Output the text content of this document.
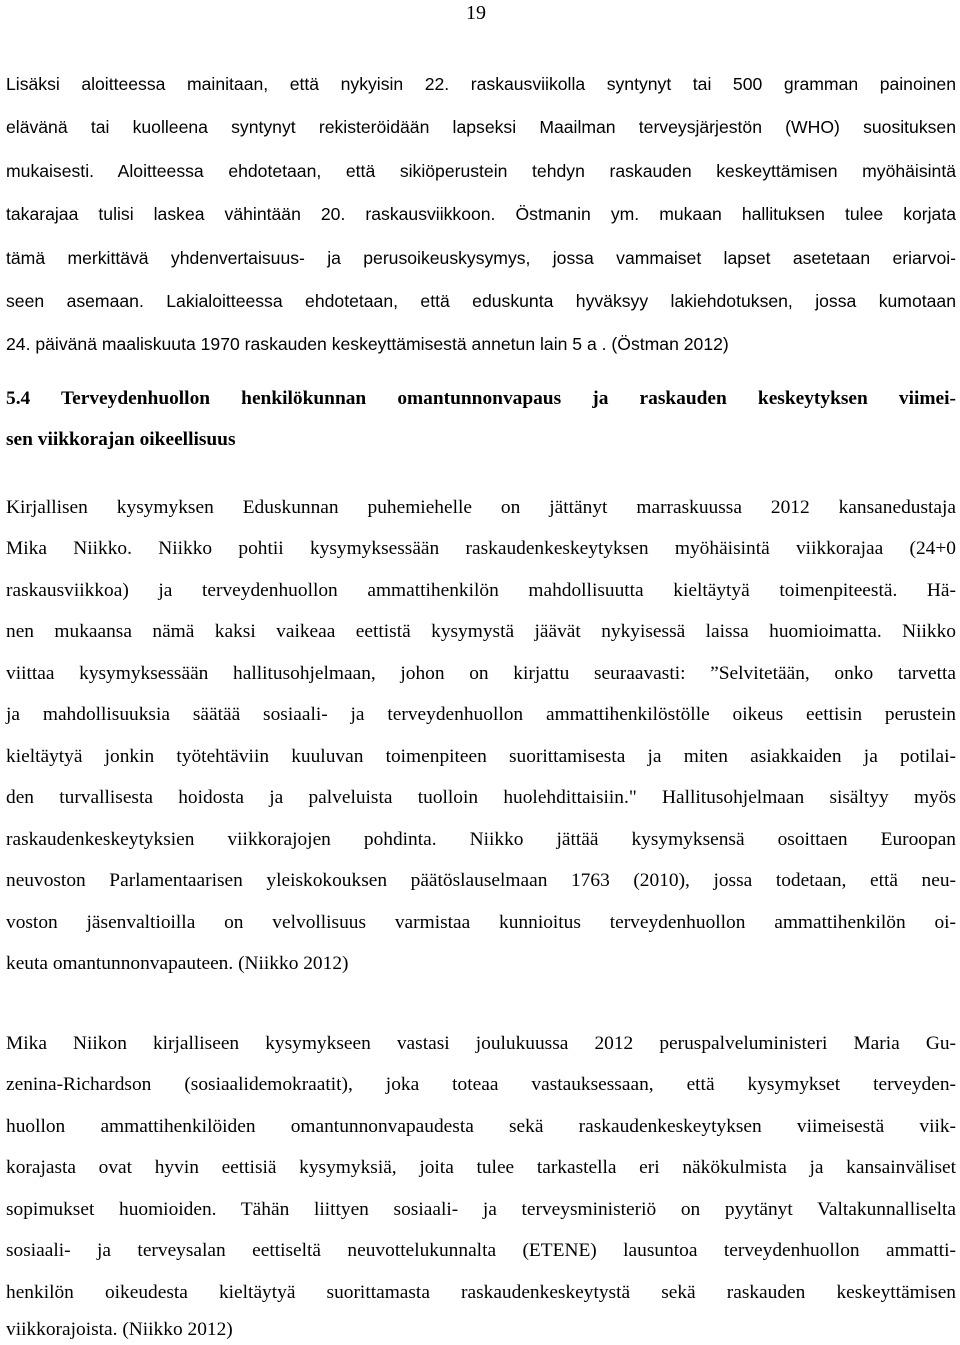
19

Lisäksi aloitteessa mainitaan, että nykyisin 22. raskausviikolla syntynyt tai 500 gramman painoinen

elävänä tai kuolleena syntynyt rekisteröidään lapseksi Maailman terveysjärjestön (WHO) suosituksen

mukaisesti. Aloitteessa ehdotetaan, että sikiöperustein tehdyn raskauden keskeyttämisen myöhäisintä

takarajaa tulisi laskea vähintään 20. raskausviikkoon. Östmanin ym. mukaan hallituksen tulee korjata

tämä merkittävä yhdenvertaisuus- ja perusoikeuskysymys, jossa vammaiset lapset asetetaan eriarvoi-

seen asemaan. Lakialoitteessa ehdotetaan, että eduskunta hyväksyy lakiehdotuksen, jossa kumotaan

24. päivänä maaliskuuta 1970 raskauden keskeyttämisestä annetun lain 5 a . (Östman 2012)

5.4 Terveydenhuollon henkilökunnan omantunnonvapaus ja raskauden keskeytyksen viimei-

sen viikkorajan oikeellisuus

Kirjallisen kysymyksen Eduskunnan puhemiehelle on jättänyt marraskuussa 2012 kansanedustaja

Mika Niikko. Niikko pohtii kysymyksessään raskaudenkeskeytyksen myöhäisintä viikkorajaa (24+0

raskausviikkoa) ja terveydenhuollon ammattihenkilön mahdollisuutta kieltäytyä toimenpiteestä. Hä-

nen mukaansa nämä kaksi vaikeaa eettistä kysymystä jäävät nykyisessä laissa huomioimatta. Niikko

viittaa kysymyksessään hallitusohjelmaan, johon on kirjattu seuraavasti: ”Selvitetään, onko tarvetta

ja mahdollisuuksia säätää sosiaali- ja terveydenhuollon ammattihenkilöstölle oikeus eettisin perustein

kieltäytyä jonkin työtehtäviin kuuluvan toimenpiteen suorittamisesta ja miten asiakkaiden ja potilai-

den turvallisesta hoidosta ja palveluista tuolloin huolehdittaisiin." Hallitusohjelmaan sisältyy myös

raskaudenkeskeytyksien viikkorajojen pohdinta. Niikko jättää kysymyksensä osoittaen Euroopan

neuvoston Parlamentaarisen yleiskokouksen päätöslauselmaan 1763 (2010), jossa todetaan, että neu-

voston jäsenvaltioilla on velvollisuus varmistaa kunnioitus terveydenhuollon ammattihenkilön oi-

keuta omantunnonvapauteen. (Niikko 2012)

Mika Niikon kirjalliseen kysymykseen vastasi joulukuussa 2012 peruspalveluministeri Maria Gu-

zenina-Richardson (sosiaalidemokraatit), joka toteaa vastauksessaan, että kysymykset terveyden-

huollon ammattihenkilöiden omantunnonvapaudesta sekä raskaudenkeskeytyksen viimeisestä viik-

korajasta ovat hyvin eettisiä kysymyksiä, joita tulee tarkastella eri näkökulmista ja kansainväliset

sopimukset huomioiden. Tähän liittyen sosiaali- ja terveysministeriö on pyytänyt Valtakunnalliselta

sosiaali- ja terveysalan eettiseltä neuvottelukunnalta (ETENE) lausuntoa terveydenhuollon ammatti-

henkilön oikeudesta kieltäytyä suorittamasta raskaudenkeskeytystä sekä raskauden keskeyttämisen

viikkorajoista. (Niikko 2012)
